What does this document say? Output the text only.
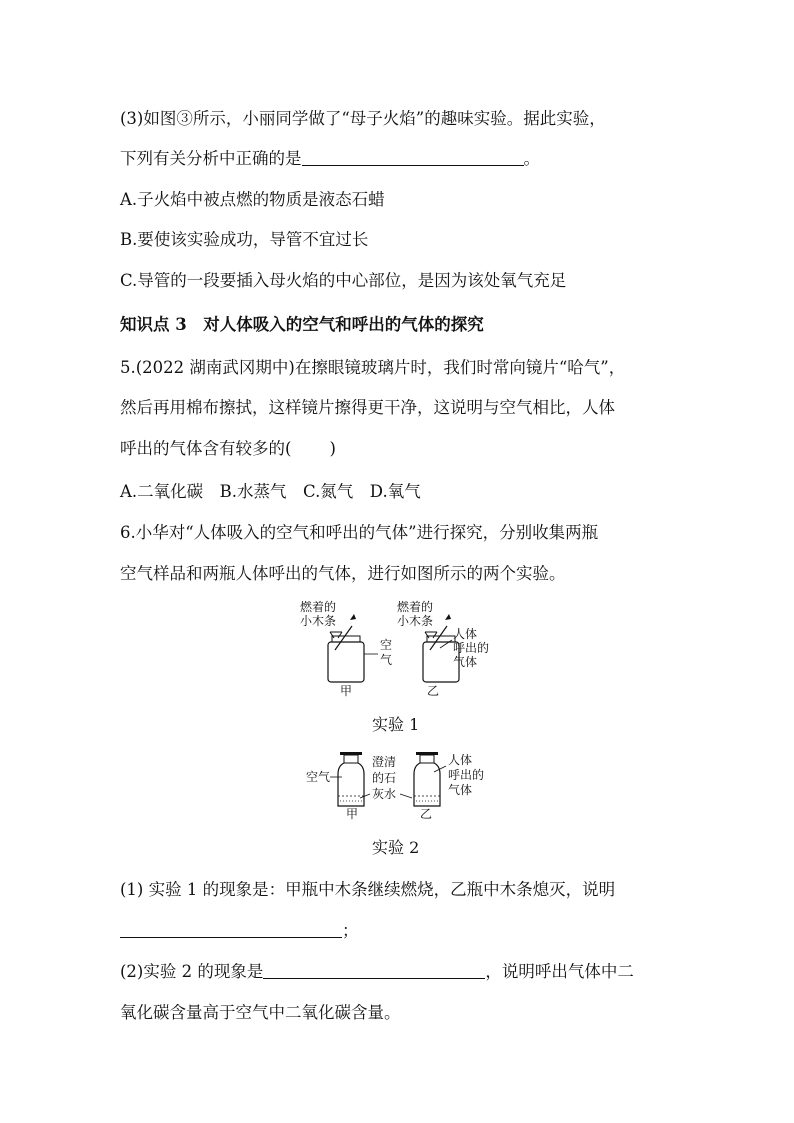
(3)如图③所示，小丽同学做了“母子火焰”的趣味实验。据此实验，
下列有关分析中正确的是	。
A.子火焰中被点燃的物质是液态石蜡
B.要使该实验成功，导管不宜过长
C.导管的一段要插入母火焰的中心部位，是因为该处氧气充足
知识点 3　对人体吸入的空气和呼出的气体的探究
5.(2022 湖南武冈期中)在擦眼镜玻璃片时，我们时常向镜片“哈气”，
然后再用棉布擦拭，这样镜片擦得更干净，这说明与空气相比，人体
呼出的气体含有较多的( )
A.二氧化碳　B.水蒸气　C.氮气　D.氧气
6.小华对“人体吸入的空气和呼出的气体”进行探究，分别收集两瓶
空气样品和两瓶人体呼出的气体，进行如图所示的两个实验。
燃着的
小木条
空
气
甲
燃着的
小木条
人体
呼出的
气体
乙
实验 1
空气
甲
澄清
的石
灰水
人体
呼出的
气体
乙
实验 2
(1) 实验 1 的现象是：甲瓶中木条继续燃烧，乙瓶中木条熄灭，说明
；
(2)实验 2 的现象是	，说明呼出气体中二
氧化碳含量高于空气中二氧化碳含量。
